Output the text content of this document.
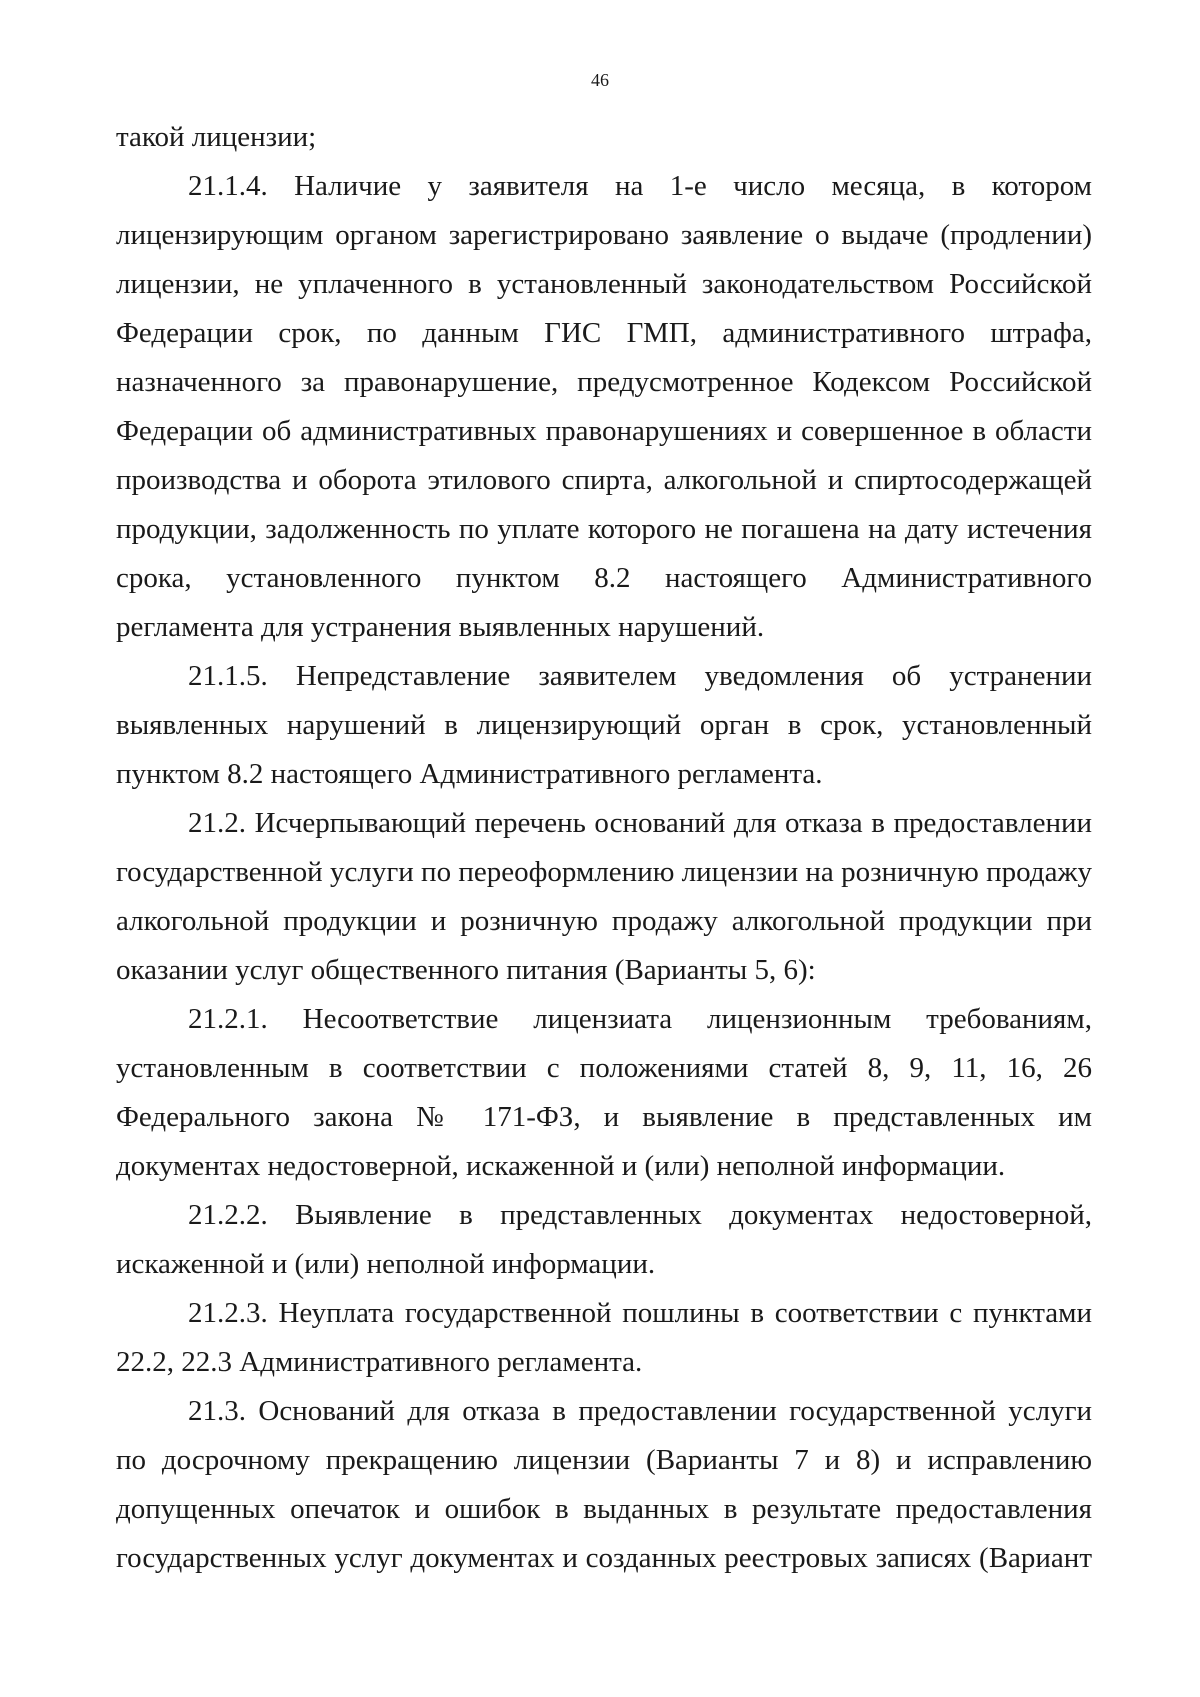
46

такой лицензии;

21.1.4. Наличие у заявителя на 1-е число месяца, в котором лицензирующим органом зарегистрировано заявление о выдаче (продлении) лицензии, не уплаченного в установленный законодательством Российской Федерации срок, по данным ГИС ГМП, административного штрафа, назначенного за правонарушение, предусмотренное Кодексом Российской Федерации об административных правонарушениях и совершенное в области производства и оборота этилового спирта, алкогольной и спиртосодержащей продукции, задолженность по уплате которого не погашена на дату истечения срока, установленного пунктом 8.2 настоящего Административного регламента для устранения выявленных нарушений.

21.1.5. Непредставление заявителем уведомления об устранении выявленных нарушений в лицензирующий орган в срок, установленный пунктом 8.2 настоящего Административного регламента.

21.2. Исчерпывающий перечень оснований для отказа в предоставлении государственной услуги по переоформлению лицензии на розничную продажу алкогольной продукции и розничную продажу алкогольной продукции при оказании услуг общественного питания (Варианты 5, 6):

21.2.1. Несоответствие лицензиата лицензионным требованиям, установленным в соответствии с положениями статей 8, 9, 11, 16, 26 Федерального закона № 171-ФЗ, и выявление в представленных им документах недостоверной, искаженной и (или) неполной информации.

21.2.2. Выявление в представленных документах недостоверной, искаженной и (или) неполной информации.

21.2.3. Неуплата государственной пошлины в соответствии с пунктами 22.2, 22.3 Административного регламента.

21.3. Оснований для отказа в предоставлении государственной услуги по досрочному прекращению лицензии (Варианты 7 и 8) и исправлению допущенных опечаток и ошибок в выданных в результате предоставления государственных услуг документах и созданных реестровых записях (Вариант
